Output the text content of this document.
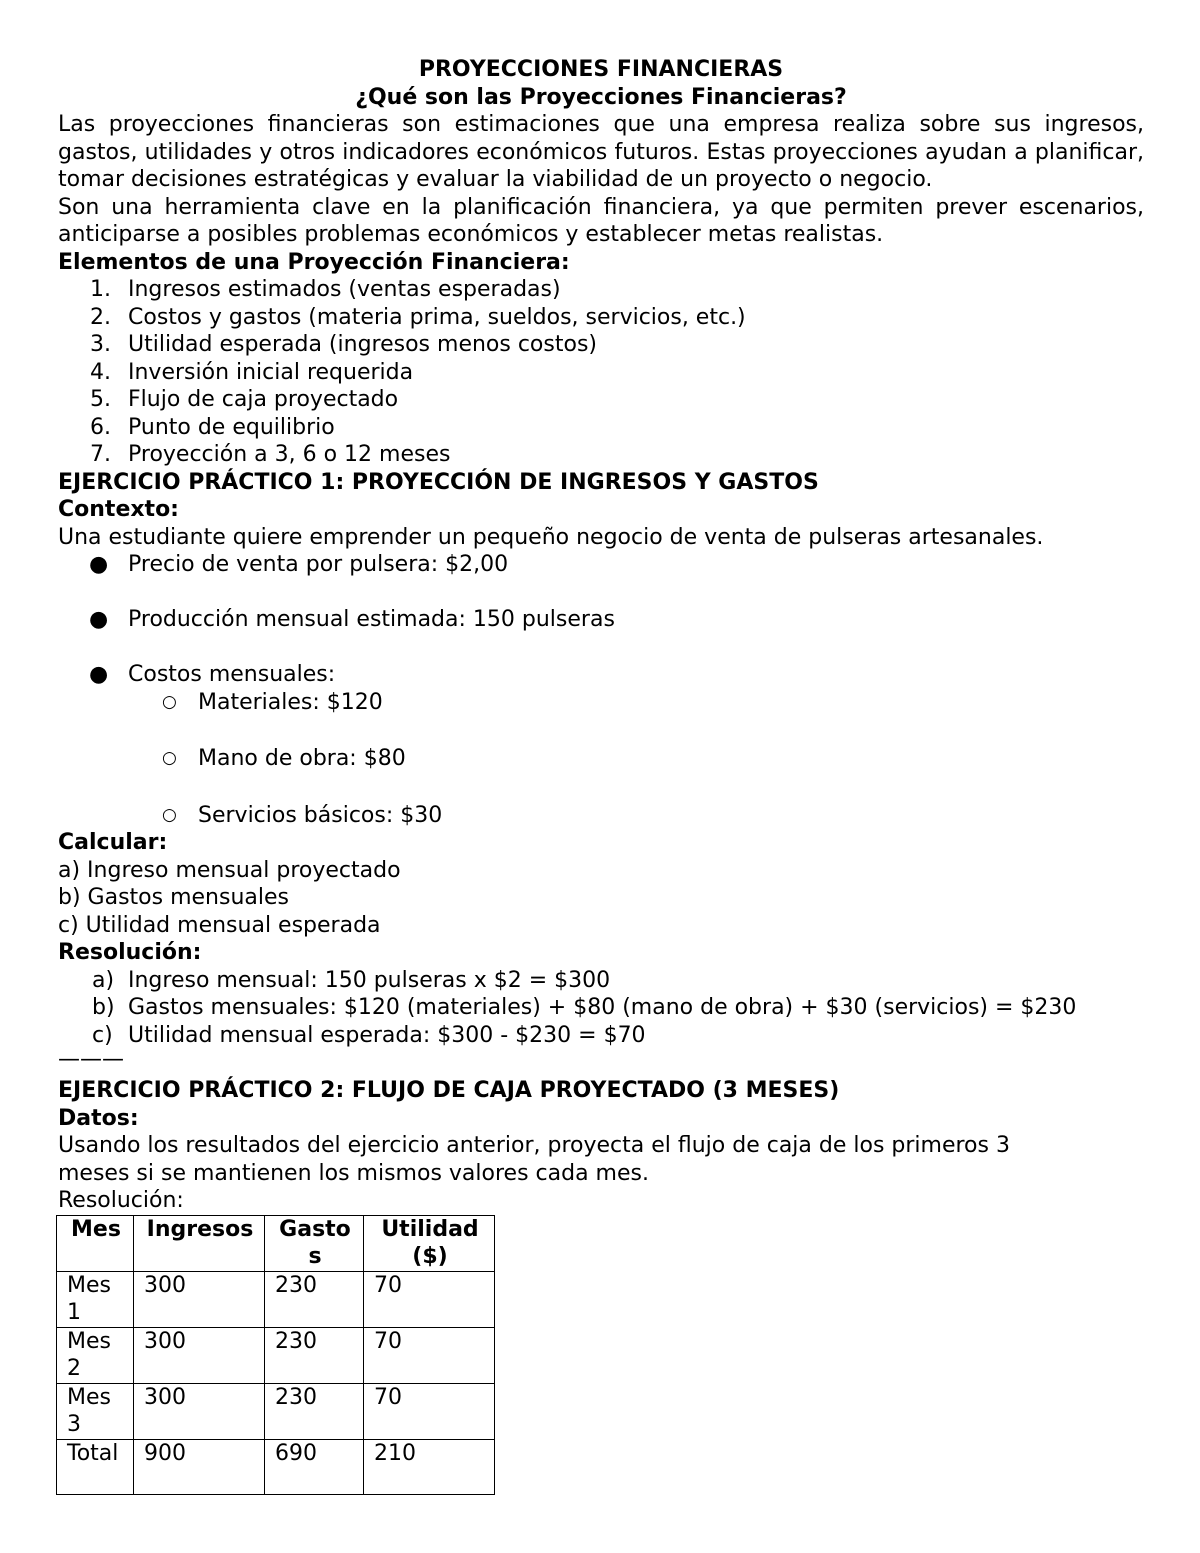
PROYECCIONES FINANCIERAS
¿Qué son las Proyecciones Financieras?
Las proyecciones financieras son estimaciones que una empresa realiza sobre sus ingresos, gastos, utilidades y otros indicadores económicos futuros. Estas proyecciones ayudan a planificar, tomar decisiones estratégicas y evaluar la viabilidad de un proyecto o negocio.
Son una herramienta clave en la planificación financiera, ya que permiten prever escenarios, anticiparse a posibles problemas económicos y establecer metas realistas.
Elementos de una Proyección Financiera:
1. Ingresos estimados (ventas esperadas)
2. Costos y gastos (materia prima, sueldos, servicios, etc.)
3. Utilidad esperada (ingresos menos costos)
4. Inversión inicial requerida
5. Flujo de caja proyectado
6. Punto de equilibrio
7. Proyección a 3, 6 o 12 meses
EJERCICIO PRÁCTICO 1: PROYECCIÓN DE INGRESOS Y GASTOS
Contexto:
Una estudiante quiere emprender un pequeño negocio de venta de pulseras artesanales.
● Precio de venta por pulsera: $2,00
● Producción mensual estimada: 150 pulseras
● Costos mensuales:
○ Materiales: $120
○ Mano de obra: $80
○ Servicios básicos: $30
Calcular:
a) Ingreso mensual proyectado
b) Gastos mensuales
c) Utilidad mensual esperada
Resolución:
a) Ingreso mensual: 150 pulseras x $2 = $300
b) Gastos mensuales: $120 (materiales) + $80 (mano de obra) + $30 (servicios) = $230
c) Utilidad mensual esperada: $300 - $230 = $70
———
EJERCICIO PRÁCTICO 2: FLUJO DE CAJA PROYECTADO (3 MESES)
Datos:
Usando los resultados del ejercicio anterior, proyecta el flujo de caja de los primeros 3 meses si se mantienen los mismos valores cada mes.
Resolución:
Mes	Ingresos	Gastos	Utilidad ($)
Mes 1	300	230	70
Mes 2	300	230	70
Mes 3	300	230	70
Total	900	690	210
